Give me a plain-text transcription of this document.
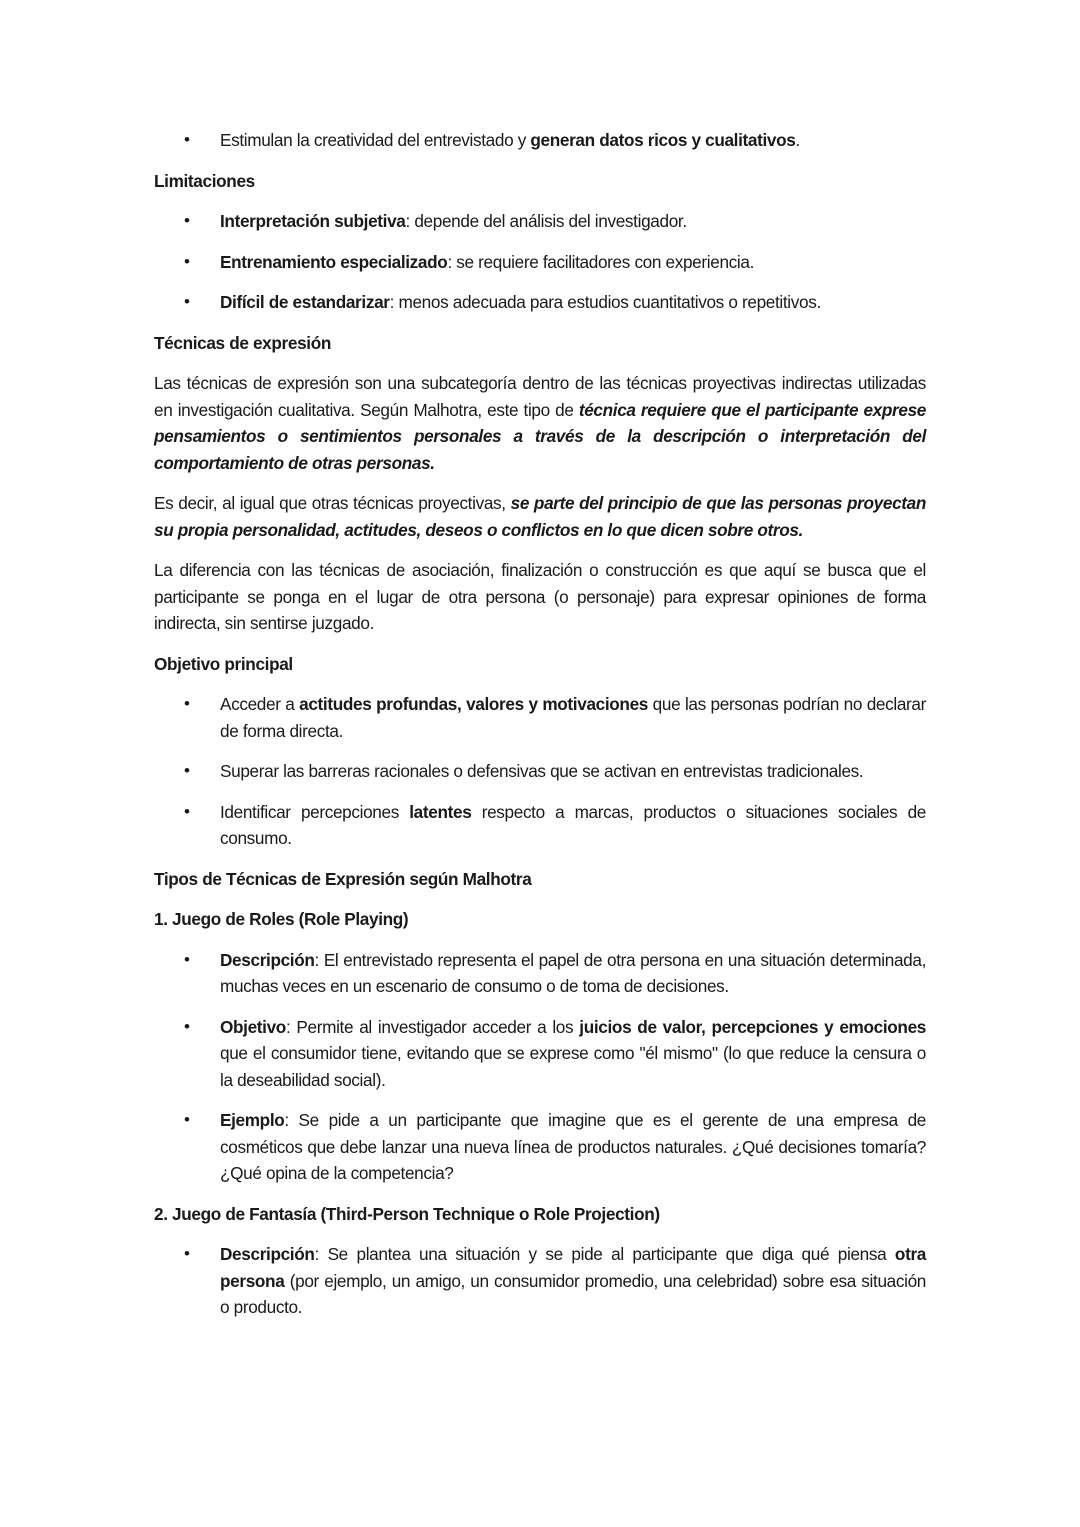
• Estimulan la creatividad del entrevistado y generan datos ricos y cualitativos.

Limitaciones

• Interpretación subjetiva: depende del análisis del investigador.
• Entrenamiento especializado: se requiere facilitadores con experiencia.
• Difícil de estandarizar: menos adecuada para estudios cuantitativos o repetitivos.

Técnicas de expresión

Las técnicas de expresión son una subcategoría dentro de las técnicas proyectivas indirectas utilizadas en investigación cualitativa. Según Malhotra, este tipo de técnica requiere que el participante exprese pensamientos o sentimientos personales a través de la descripción o interpretación del comportamiento de otras personas.

Es decir, al igual que otras técnicas proyectivas, se parte del principio de que las personas proyectan su propia personalidad, actitudes, deseos o conflictos en lo que dicen sobre otros.

La diferencia con las técnicas de asociación, finalización o construcción es que aquí se busca que el participante se ponga en el lugar de otra persona (o personaje) para expresar opiniones de forma indirecta, sin sentirse juzgado.

Objetivo principal

• Acceder a actitudes profundas, valores y motivaciones que las personas podrían no declarar de forma directa.
• Superar las barreras racionales o defensivas que se activan en entrevistas tradicionales.
• Identificar percepciones latentes respecto a marcas, productos o situaciones sociales de consumo.

Tipos de Técnicas de Expresión según Malhotra

1. Juego de Roles (Role Playing)

• Descripción: El entrevistado representa el papel de otra persona en una situación determinada, muchas veces en un escenario de consumo o de toma de decisiones.
• Objetivo: Permite al investigador acceder a los juicios de valor, percepciones y emociones que el consumidor tiene, evitando que se exprese como "él mismo" (lo que reduce la censura o la deseabilidad social).
• Ejemplo: Se pide a un participante que imagine que es el gerente de una empresa de cosméticos que debe lanzar una nueva línea de productos naturales. ¿Qué decisiones tomaría? ¿Qué opina de la competencia?

2. Juego de Fantasía (Third-Person Technique o Role Projection)

• Descripción: Se plantea una situación y se pide al participante que diga qué piensa otra persona (por ejemplo, un amigo, un consumidor promedio, una celebridad) sobre esa situación o producto.
